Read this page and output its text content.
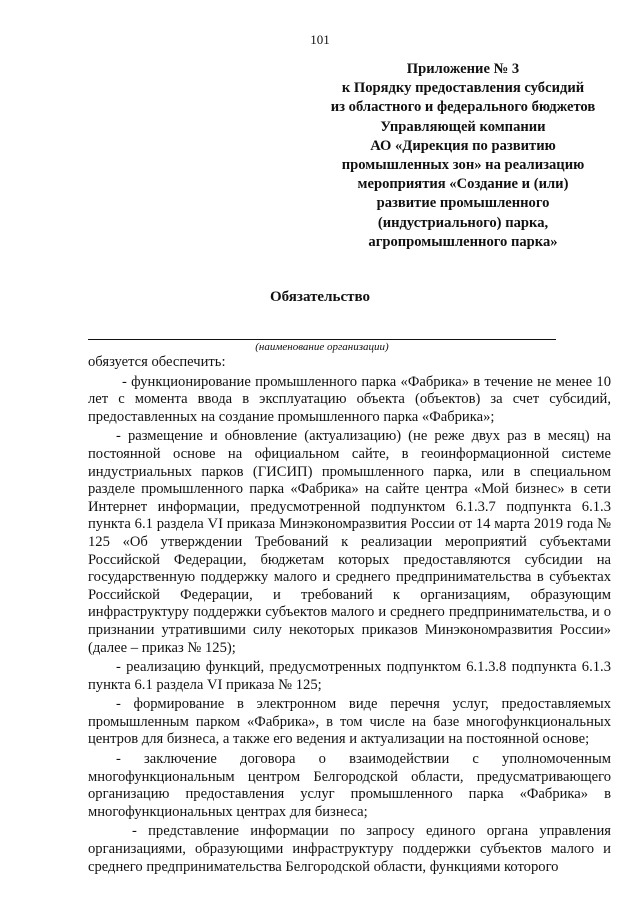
101
Приложение № 3
к Порядку предоставления субсидий
из областного и федерального бюджетов
Управляющей компании
АО «Дирекция по развитию
промышленных зон» на реализацию
мероприятия «Создание и (или)
развитие промышленного
(индустриального) парка,
агропромышленного парка»
Обязательство
(наименование организации)

обязуется обеспечить:

- функционирование промышленного парка «Фабрика» в течение не менее 10 лет с момента ввода в эксплуатацию объекта (объектов) за счет субсидий, предоставленных на создание промышленного парка «Фабрика»;

- размещение и обновление (актуализацию) (не реже двух раз в месяц) на постоянной основе на официальном сайте, в геоинформационной системе индустриальных парков (ГИСИП) промышленного парка, или в специальном разделе промышленного парка «Фабрика» на сайте центра «Мой бизнес» в сети Интернет информации, предусмотренной подпунктом 6.1.3.7 подпункта 6.1.3 пункта 6.1 раздела VI приказа Минэкономразвития России от 14 марта 2019 года № 125 «Об утверждении Требований к реализации мероприятий субъектами Российской Федерации, бюджетам которых предоставляются субсидии на государственную поддержку малого и среднего предпринимательства в субъектах Российской Федерации, и требований к организациям, образующим инфраструктуру поддержки субъектов малого и среднего предпринимательства, и о признании утратившими силу некоторых приказов Минэкономразвития России» (далее – приказ № 125);

- реализацию функций, предусмотренных подпунктом 6.1.3.8 подпункта 6.1.3 пункта 6.1 раздела VI приказа № 125;

- формирование в электронном виде перечня услуг, предоставляемых промышленным парком «Фабрика», в том числе на базе многофункциональных центров для бизнеса, а также его ведения и актуализации на постоянной основе;

- заключение договора о взаимодействии с уполномоченным многофункциональным центром Белгородской области, предусматривающего организацию предоставления услуг промышленного парка «Фабрика» в многофункциональных центрах для бизнеса;

- представление информации по запросу единого органа управления организациями, образующими инфраструктуру поддержки субъектов малого и среднего предпринимательства Белгородской области, функциями которого
